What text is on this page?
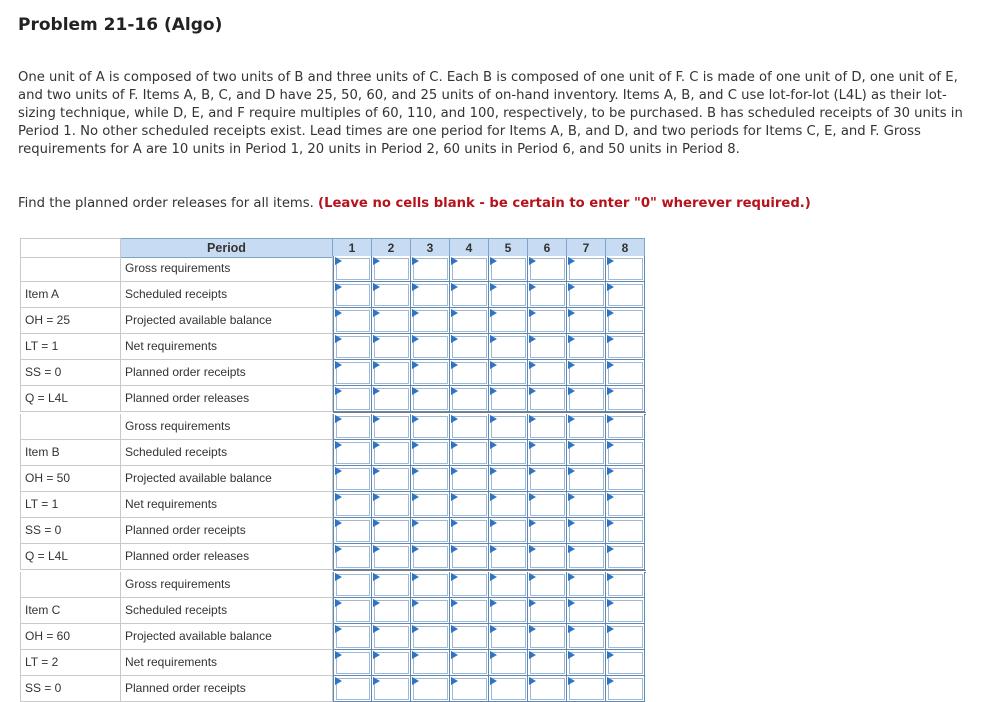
Problem 21-16 (Algo)
One unit of A is composed of two units of B and three units of C. Each B is composed of one unit of F. C is made of one unit of D, one unit of E, and two units of F. Items A, B, C, and D have 25, 50, 60, and 25 units of on-hand inventory. Items A, B, and C use lot-for-lot (L4L) as their lot-sizing technique, while D, E, and F require multiples of 60, 110, and 100, respectively, to be purchased. B has scheduled receipts of 30 units in Period 1. No other scheduled receipts exist. Lead times are one period for Items A, B, and D, and two periods for Items C, E, and F. Gross requirements for A are 10 units in Period 1, 20 units in Period 2, 60 units in Period 6, and 50 units in Period 8.
Find the planned order releases for all items. (Leave no cells blank - be certain to enter "0" wherever required.)
Period	1	2	3	4	5	6	7	8
Gross requirements
Item A	Scheduled receipts
OH = 25	Projected available balance
LT = 1	Net requirements
SS = 0	Planned order receipts
Q = L4L	Planned order releases
Gross requirements
Item B	Scheduled receipts
OH = 50	Projected available balance
LT = 1	Net requirements
SS = 0	Planned order receipts
Q = L4L	Planned order releases
Gross requirements
Item C	Scheduled receipts
OH = 60	Projected available balance
LT = 2	Net requirements
SS = 0	Planned order receipts
